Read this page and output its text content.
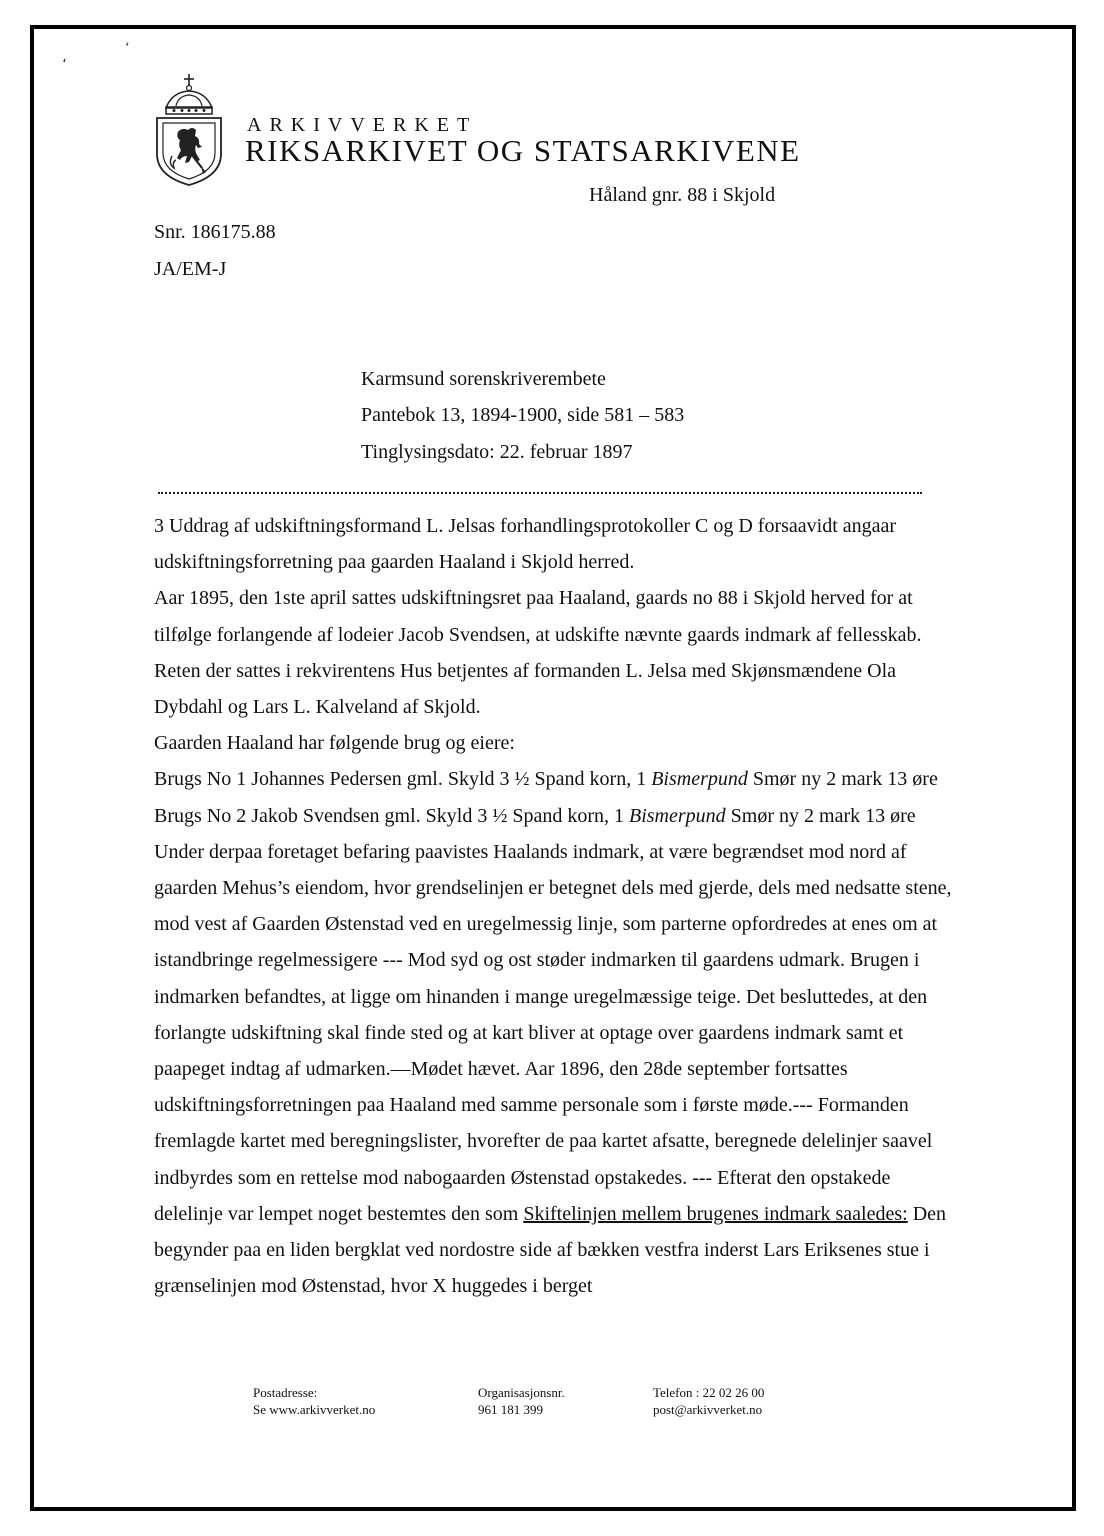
،
ʻ
ARKIVVERKET
RIKSARKIVET OG STATSARKIVENE
Håland gnr. 88 i Skjold
Snr. 186175.88
JA/EM-J
Karmsund sorenskriverembete
Pantebok 13, 1894-1900, side 581 – 583
Tinglysingsdato: 22. februar 1897

3 Uddrag af udskiftningsformand L. Jelsas forhandlingsprotokoller C og D forsaavidt angaar udskiftningsforretning paa gaarden Haaland i Skjold herred.

Aar 1895, den 1ste april sattes udskiftningsret paa Haaland, gaards no 88 i Skjold herved for at tilfølge forlangende af lodeier Jacob Svendsen, at udskifte nævnte gaards indmark af fellesskab. Reten der sattes i rekvirentens Hus betjentes af formanden L. Jelsa med Skjønsmændene Ola Dybdahl og Lars L. Kalveland af Skjold.

Gaarden Haaland har følgende brug og eiere:

Brugs No 1 Johannes Pedersen gml. Skyld 3 ½ Spand korn, 1 Bismerpund Smør ny 2 mark 13 øre

Brugs No 2 Jakob Svendsen gml. Skyld 3 ½ Spand korn, 1 Bismerpund Smør ny 2 mark 13 øre

Under derpaa foretaget befaring paavistes Haalands indmark, at være begrændset mod nord af gaarden Mehus’s eiendom, hvor grendselinjen er betegnet dels med gjerde, dels med nedsatte stene, mod vest af Gaarden Østenstad ved en uregelmessig linje, som parterne opfordredes at enes om at istandbringe regelmessigere --- Mod syd og ost støder indmarken til gaardens udmark. Brugen i indmarken befandtes, at ligge om hinanden i mange uregelmæssige teige. Det besluttedes, at den forlangte udskiftning skal finde sted og at kart bliver at optage over gaardens indmark samt et paapeget indtag af udmarken.—Mødet hævet. Aar 1896, den 28de september fortsattes udskiftningsforretningen paa Haaland med samme personale som i første møde.--- Formanden fremlagde kartet med beregningslister, hvorefter de paa kartet afsatte, beregnede delelinjer saavel indbyrdes som en rettelse mod nabogaarden Østenstad opstakedes. --- Efterat den opstakede delelinje var lempet noget bestemtes den som Skiftelinjen mellem brugenes indmark saaledes: Den begynder paa en liden bergklat ved nordostre side af bækken vestfra inderst Lars Eriksenes stue i grænselinjen mod Østenstad, hvor X huggedes i berget

Postadresse:
Se www.arkivverket.no
Organisasjonsnr.
961 181 399
Telefon : 22 02 26 00
post@arkivverket.no
